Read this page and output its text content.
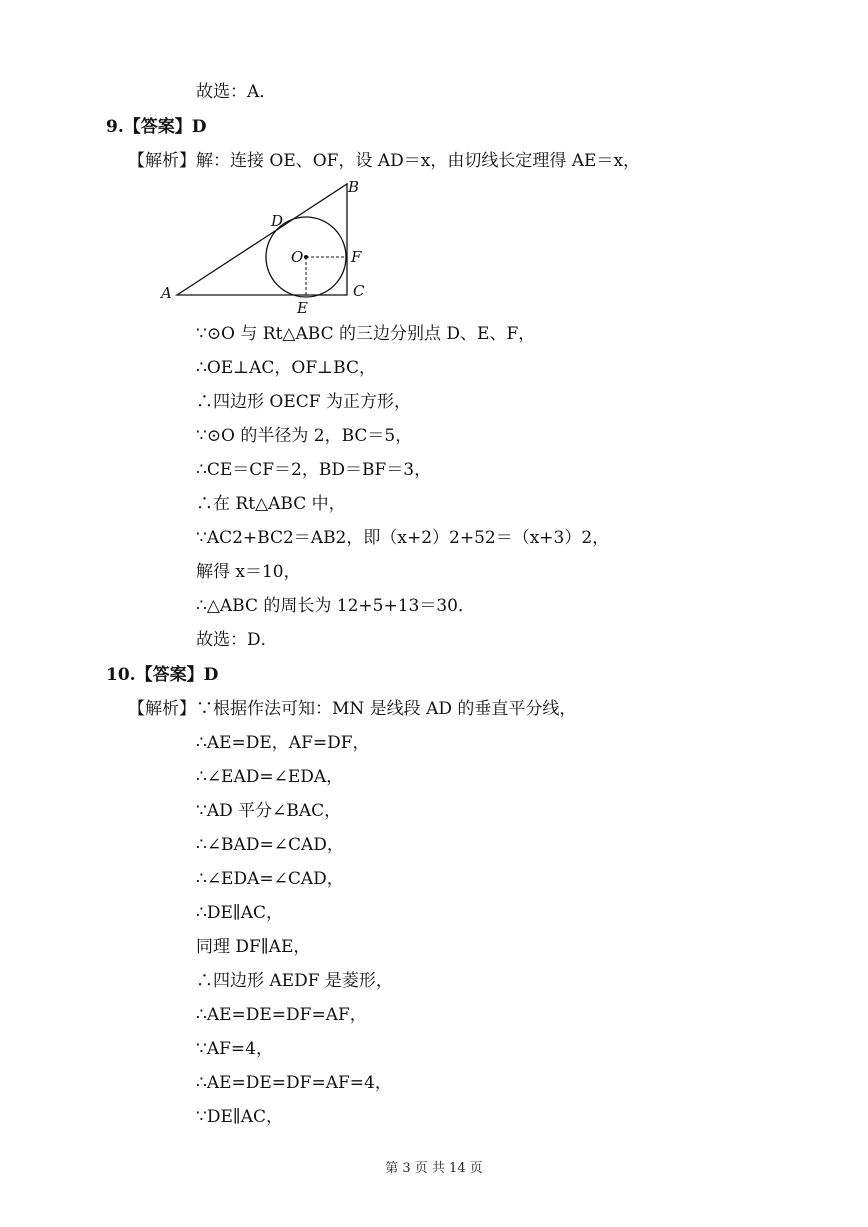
故选：A．
9.【答案】D
【解析】解：连接 OE、OF，设 AD＝x，由切线长定理得 AE＝x，
∵⊙O 与 Rt△ABC 的三边分别点 D、E、F，
∴OE⊥AC，OF⊥BC，
∴四边形 OECF 为正方形，
∵⊙O 的半径为 2，BC＝5，
∴CE＝CF＝2，BD＝BF＝3，
∴在 Rt△ABC 中，
∵AC2+BC2＝AB2，即（x+2）2+52＝（x+3）2，
解得 x＝10，
∴△ABC 的周长为 12+5+13＝30．
故选：D．
10.【答案】D
【解析】∵根据作法可知：MN 是线段 AD 的垂直平分线，
∴AE=DE，AF=DF，
∴∠EAD=∠EDA，
∵AD 平分∠BAC，
∴∠BAD=∠CAD，
∴∠EDA=∠CAD，
∴DE∥AC，
同理 DF∥AE，
∴四边形 AEDF 是菱形，
∴AE=DE=DF=AF，
∵AF=4，
∴AE=DE=DF=AF=4，
∵DE∥AC，
A
B
C
D
E
F
O
第 3 页 共 14 页
